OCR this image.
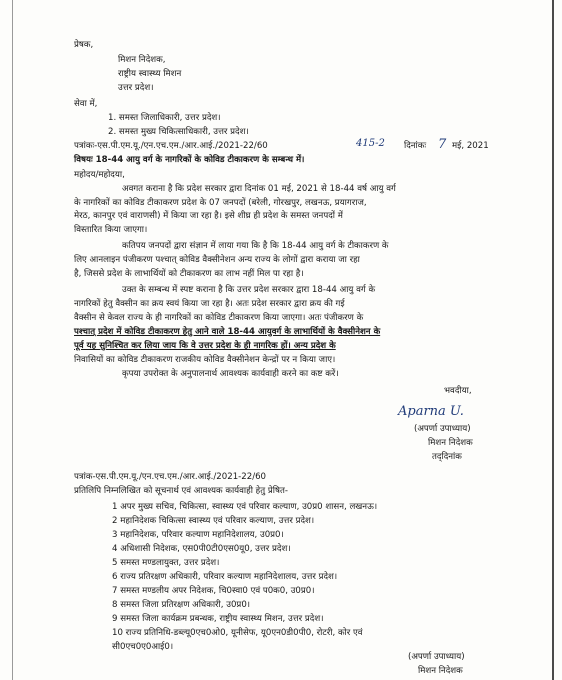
प्रेषक,
मिशन निदेशक,
राष्ट्रीय स्वास्थ्य मिशन
उत्तर प्रदेश।
सेवा में,
1. समस्त जिलाधिकारी, उत्तर प्रदेश।
2. समस्त मुख्य चिकित्साधिकारी, उत्तर प्रदेश।
पत्रांकः-एस.पी.एम.यू./एन.एच.एम./आर.आई./2021-22/60	415-2 दिनांकः 7 मई, 2021
विषयः 18-44 आयु वर्ग के नागरिकों के कोविड टीकाकरण के सम्बन्ध में।
महोदय/महोदया,
अवगत कराना है कि प्रदेश सरकार द्वारा दिनांक 01 मई, 2021 से 18-44 वर्ष आयु वर्ग
के नागरिकों का कोविड टीकाकरण प्रदेश के 07 जनपदों (बरेली, गोरखपुर, लखनऊ, प्रयागराज,
मेरठ, कानपुर एवं वाराणसी) में किया जा रहा है। इसे शीघ्र ही प्रदेश के समस्त जनपदों में
विस्तारित किया जाएगा।
कतिपय जनपदों द्वारा संज्ञान में लाया गया कि है कि 18-44 आयु वर्ग के टीकाकरण के
लिए आनलाइन पंजीकरण पश्चात् कोविड वैक्सीनेशन अन्य राज्य के लोगों द्वारा कराया जा रहा
है, जिससे प्रदेश के लाभार्थियों को टीकाकरण का लाभ नहीं मिल पा रहा है।
उक्त के सम्बन्ध में स्पष्ट कराना है कि उत्तर प्रदेश सरकार द्वारा 18-44 आयु वर्ग के
नागरिकों हेतु वैक्सीन का क्रय स्वयं किया जा रहा है। अतः प्रदेश सरकार द्वारा क्रय की गई
वैक्सीन से केवल राज्य के ही नागरिकों का कोविड टीकाकरण किया जाएगा। अतः पंजीकरण के
पश्चात् प्रदेश में कोविड टीकाकरण हेतु आने वाले 18-44 आयुवर्ग के लाभार्थियों के वैक्सीनेशन के
पूर्व यह सुनिश्चित कर लिया जाय कि वे उत्तर प्रदेश के ही नागरिक हों। अन्य प्रदेश के
निवासियों का कोविड टीकाकरण राजकीय कोविड वैक्सीनेशन केन्द्रों पर न किया जाए।
कृपया उपरोक्त के अनुपालनार्थ आवश्यक कार्यवाही करने का कष्ट करें।
भवदीया,
Aparna U.
(अपर्णा उपाध्याय)
मिशन निदेशक
तद्‌दिनांक
पत्रांक-एस.पी.एम.यू./एन.एच.एम./आर.आई./2021-22/60
प्रतिलिपि निम्नलिखित को सूचनार्थ एवं आवश्यक कार्यवाही हेतु प्रेषित-
1 अपर मुख्य सचिव, चिकित्सा, स्वास्थ्य एवं परिवार कल्याण, उ0प्र0 शासन, लखनऊ।
2 महानिदेशक चिकित्सा स्वास्थ्य एवं परिवार कल्याण, उत्तर प्रदेश।
3 महानिदेशक, परिवार कल्याण महानिदेशालय, उ0प्र0।
4 अधिशासी निदेशक, एस0पी0टी0एस0यू0, उत्तर प्रदेश।
5 समस्त मण्डलायुक्त, उत्तर प्रदेश।
6 राज्य प्रतिरक्षण अधिकारी, परिवार कल्याण महानिदेशालय, उत्तर प्रदेश।
7 समस्त मण्डलीय अपर निदेशक, चि0स्वा0 एवं प0क0, उ0प्र0।
8 समस्त जिला प्रतिरक्षण अधिकारी, उ0प्र0।
9 समस्त जिला कार्यक्रम प्रबन्धक, राष्ट्रीय स्वास्थ्य मिशन, उत्तर प्रदेश।
10 राज्य प्रतिनिधि-डब्ल्यू0एच0ओ0, यूनीसेफ, यू0एन0डी0पी0, रोटरी, कोर एवं
सी0एच0ए0आई0।
(अपर्णा उपाध्याय)
मिशन निदेशक
